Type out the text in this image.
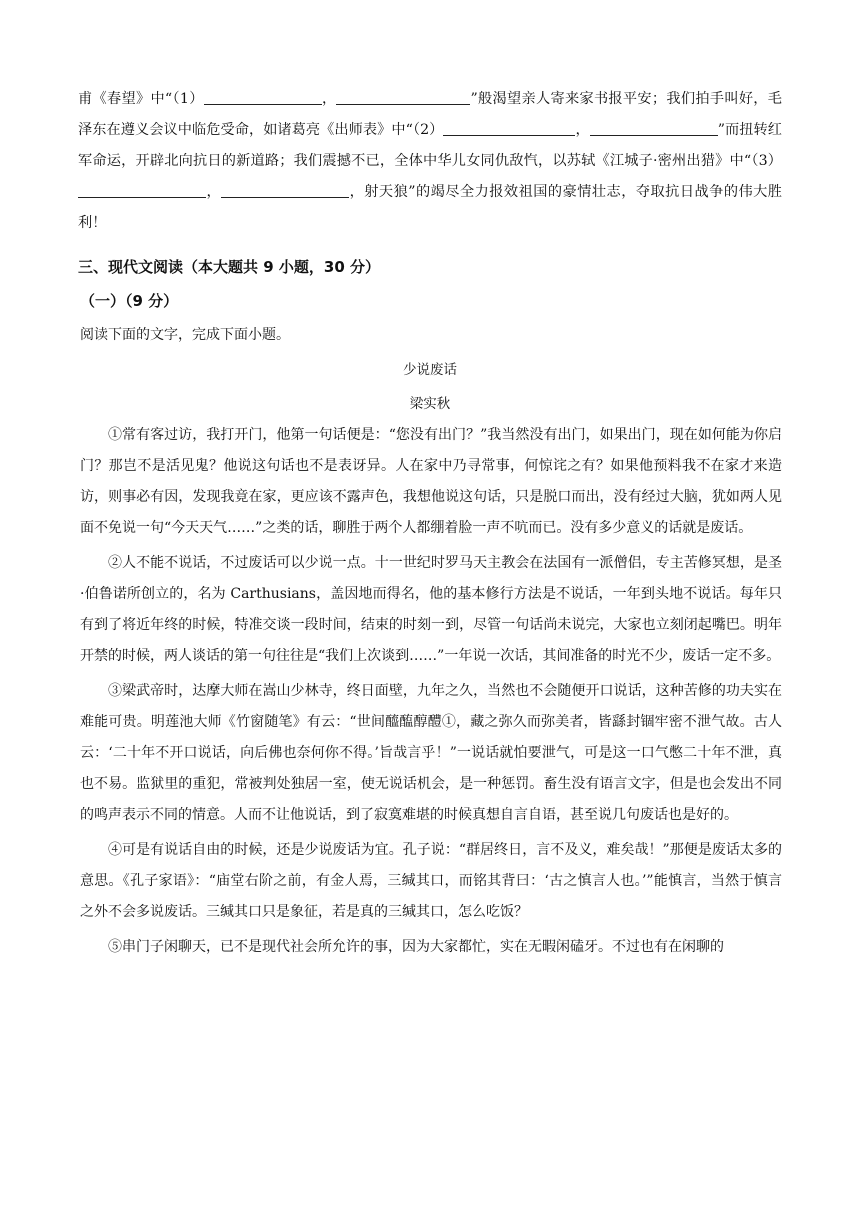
甫《春望》中“（1）	，	”般渴望亲人寄来家书报平安；我们拍手叫好，毛泽东在遵义会议中临危受命，如诸葛亮《出师表》中“（2）	，	”而扭转红军命运，开辟北向抗日的新道路；我们震撼不已，全体中华儿女同仇敌忾，以苏轼《江城子·密州出猎》中“（3），	，射天狼”的竭尽全力报效祖国的豪情壮志，夺取抗日战争的伟大胜利！

三、现代文阅读（本大题共 9 小题，30 分）
（一）（9 分）
阅读下面的文字，完成下面小题。
少说废话
梁实秋

①常有客过访，我打开门，他第一句话便是：“您没有出门？”我当然没有出门，如果出门，现在如何能为你启门？那岂不是活见鬼？他说这句话也不是表讶异。人在家中乃寻常事，何惊诧之有？如果他预料我不在家才来造访，则事必有因，发现我竟在家，更应该不露声色，我想他说这句话，只是脱口而出，没有经过大脑，犹如两人见面不免说一句“今天天气……”之类的话，聊胜于两个人都绷着脸一声不吭而已。没有多少意义的话就是废话。

②人不能不说话，不过废话可以少说一点。十一世纪时罗马天主教会在法国有一派僧侣，专主苦修冥想，是圣·伯鲁诺所创立的，名为 Carthusians，盖因地而得名，他的基本修行方法是不说话，一年到头地不说话。每年只有到了将近年终的时候，特准交谈一段时间，结束的时刻一到，尽管一句话尚未说完，大家也立刻闭起嘴巴。明年开禁的时候，两人谈话的第一句往往是“我们上次谈到……”一年说一次话，其间准备的时光不少，废话一定不多。

③梁武帝时，达摩大师在嵩山少林寺，终日面壁，九年之久，当然也不会随便开口说话，这种苦修的功夫实在难能可贵。明莲池大师《竹窗随笔》有云：“世间醯醢醇醴①，藏之弥久而弥美者，皆繇封锢牢密不泄气故。古人云：‘二十年不开口说话，向后佛也奈何你不得。’旨哉言乎！”一说话就怕要泄气，可是这一口气憋二十年不泄，真也不易。监狱里的重犯，常被判处独居一室，使无说话机会，是一种惩罚。畜生没有语言文字，但是也会发出不同的鸣声表示不同的情意。人而不让他说话，到了寂寞难堪的时候真想自言自语，甚至说几句废话也是好的。

④可是有说话自由的时候，还是少说废话为宜。孔子说：“群居终日，言不及义，难矣哉！”那便是废话太多的意思。《孔子家语》：“庙堂右阶之前，有金人焉，三缄其口，而铭其背曰：‘古之慎言人也。’”能慎言，当然于慎言之外不会多说废话。三缄其口只是象征，若是真的三缄其口，怎么吃饭？

⑤串门子闲聊天，已不是现代社会所允许的事，因为大家都忙，实在无暇闲磕牙。不过也有在闲聊的
